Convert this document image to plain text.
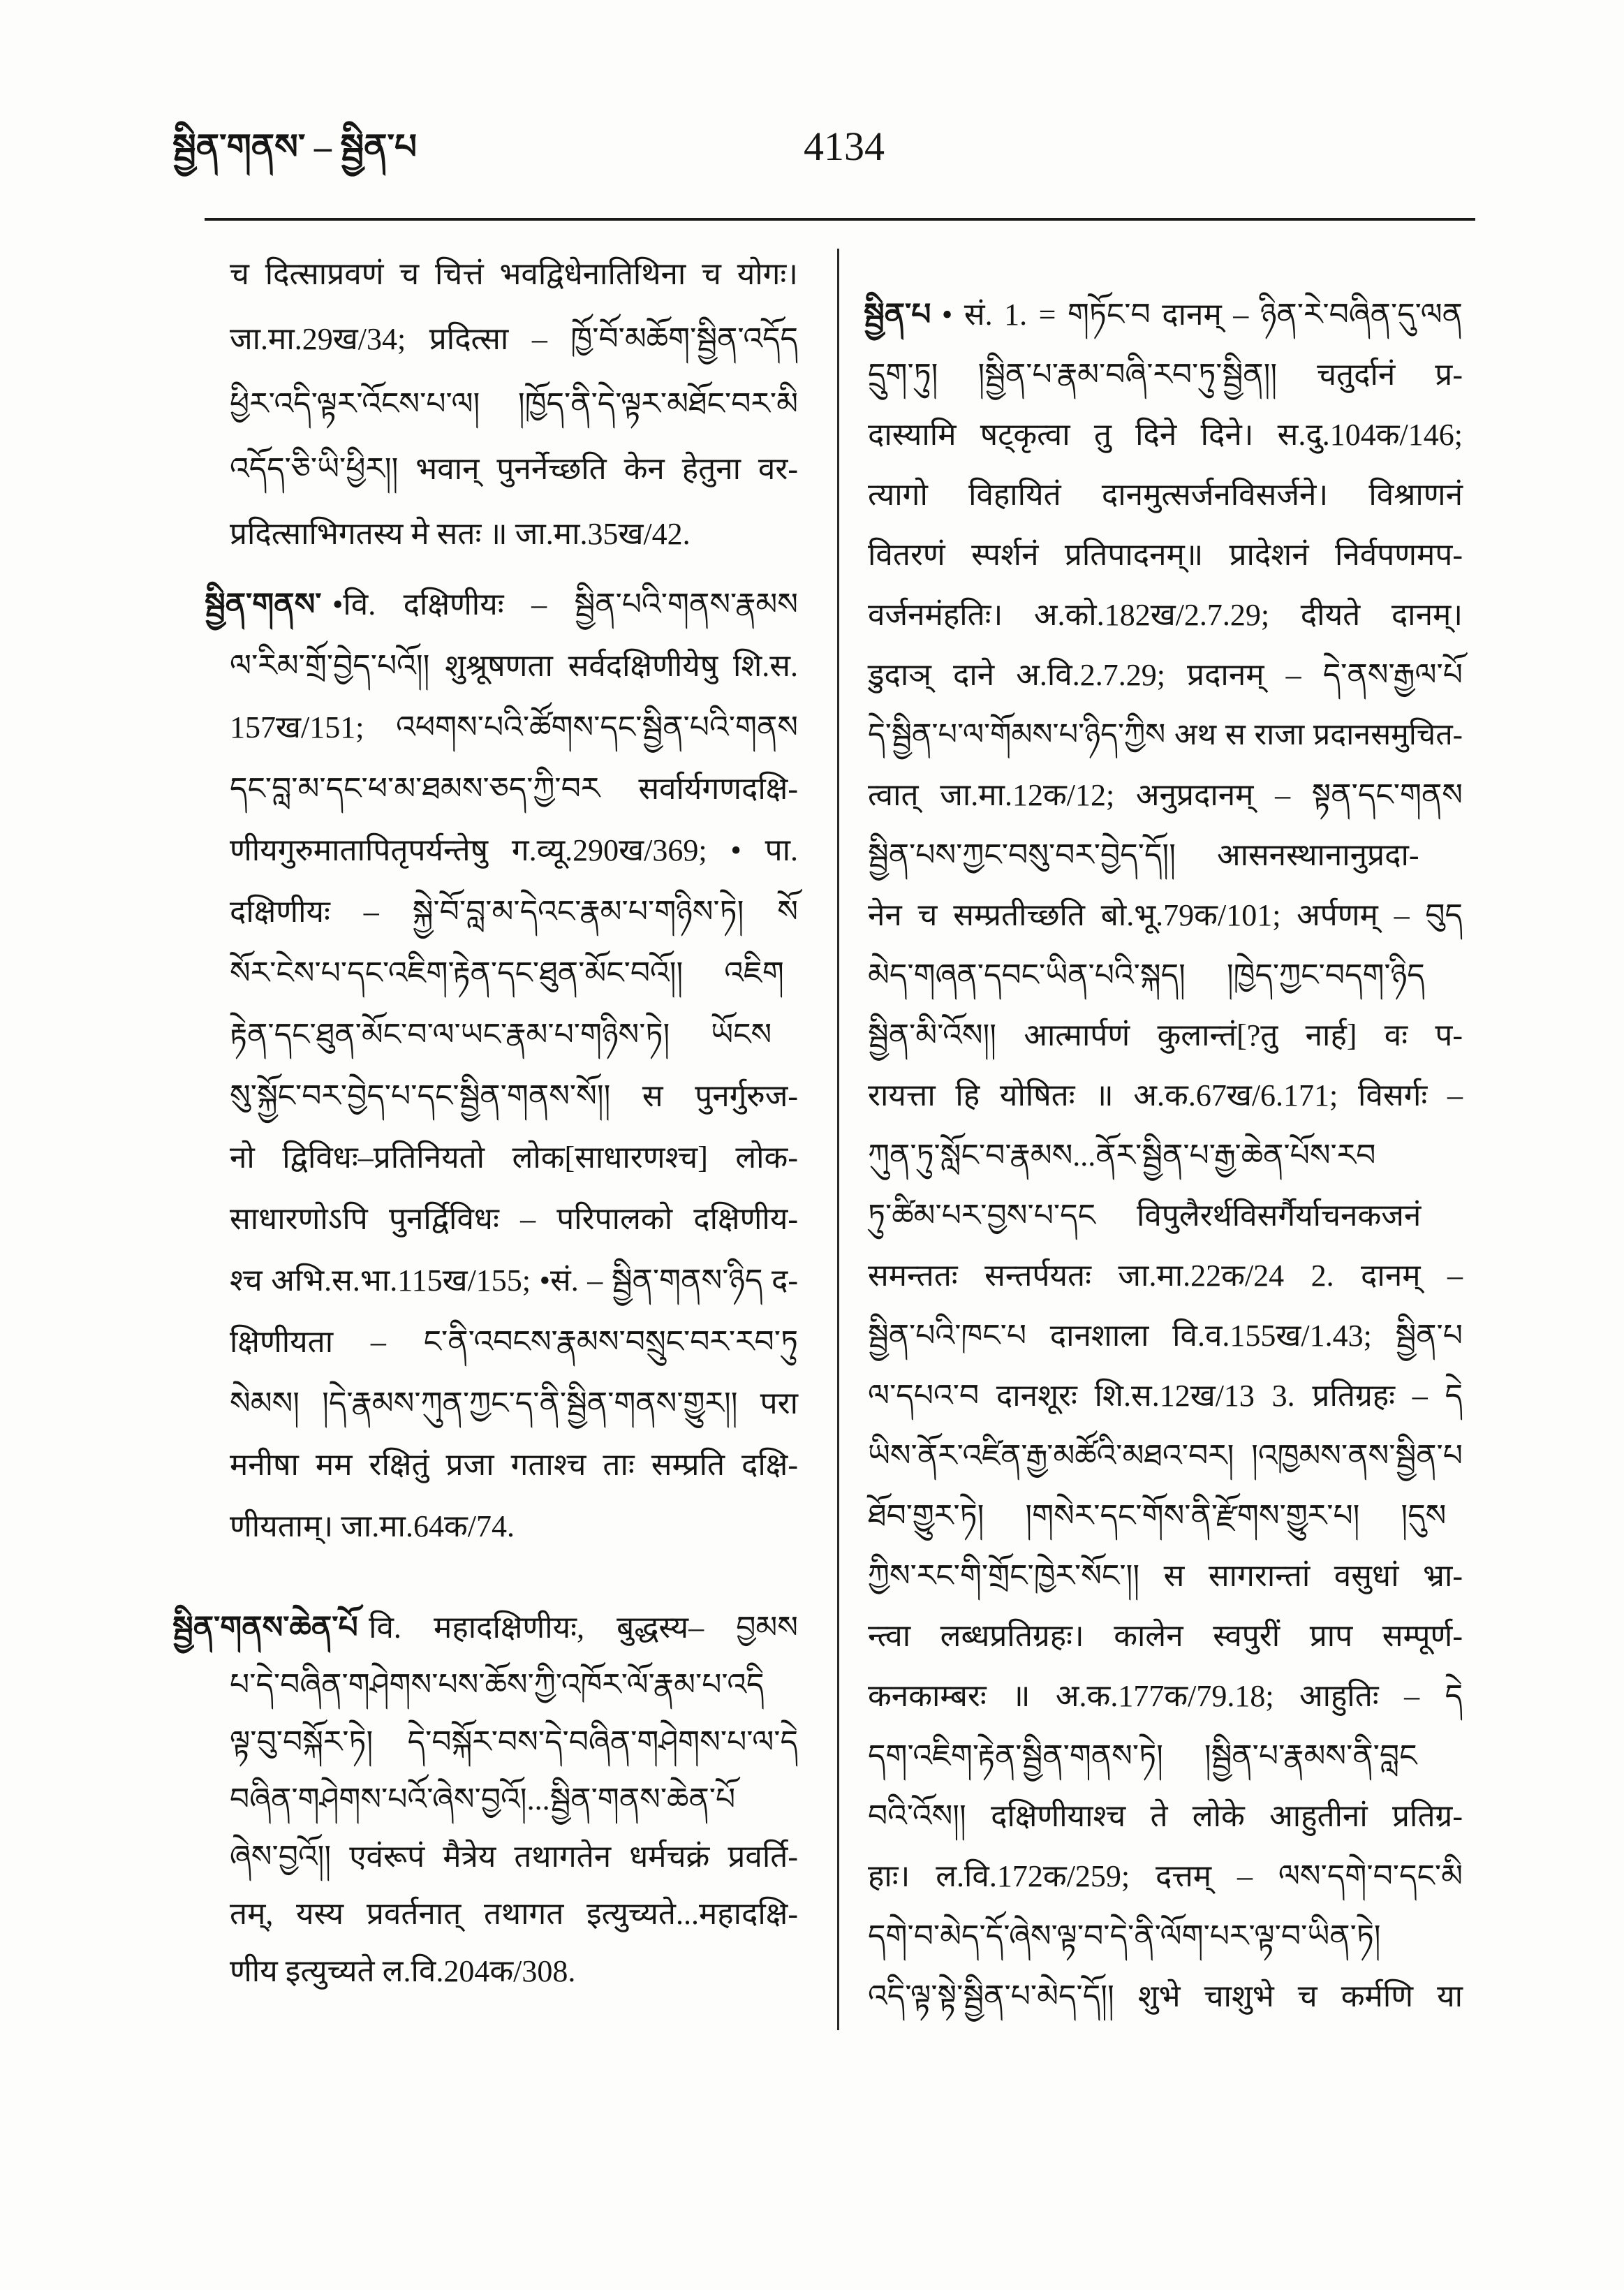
སྦྱིན་གནས་ – སྦྱིན་པ	4134
च दित्साप्रवणं च चित्तं भवद्विधेनातिथिना च योगः।
जा.मा.29ख/34; प्रदित्सा – ཁྱོ་བོ་མཆོག་སྦྱིན་འདོད
ཕྱིར་འདི་ལྟར་འོངས་པ་ལ། །ཁྱོད་ནི་དེ་ལྟར་མཐོང་བར་མི
འདོད་ཅི་ཡི་ཕྱིར།། भवान् पुनर्नेच्छति केन हेतुना वर-
प्रदित्साभिगतस्य मे सतः ॥ जा.मा.35ख/42.
སྦྱིན་གནས་ •वि. दक्षिणीयः – སྦྱིན་པའི་གནས་རྣམས
ལ་རིམ་གྲོ་བྱེད་པའོ།། शुश्रूषणता सर्वदक्षिणीयेषु शि.स.
157ख/151; འཕགས་པའི་ཚོགས་དང་སྦྱིན་པའི་གནས
དང་བླ་མ་དང་ཕ་མ་ཐམས་ཅད་ཀྱི་བར सर्वार्यगणदक्षि-
णीयगुरुमातापितृपर्यन्तेषु ग.व्यू.290ख/369; • पा.
दक्षिणीयः – སྐྱེ་བོ་བླ་མ་དེའང་རྣམ་པ་གཉིས་ཏེ། སོ
སོར་ངེས་པ་དང་འཇིག་རྟེན་དང་ཐུན་མོང་བའོ།། འཇིག
རྟེན་དང་ཐུན་མོང་བ་ལ་ཡང་རྣམ་པ་གཉིས་ཏེ། ཡོངས
སུ་སྐྱོང་བར་བྱེད་པ་དང་སྦྱིན་གནས་སོ།། स पुनर्गुरुज-
नो द्विविधः–प्रतिनियतो लोक[साधारणश्च] लोक-
साधारणोऽपि पुनर्द्विविधः – परिपालको दक्षिणीय-
श्च अभि.स.भा.115ख/155; •सं. – སྦྱིན་གནས་ཉིད द-
क्षिणीयता – ང་ནི་འབངས་རྣམས་བསྲུང་བར་རབ་ཏུ
སེམས། །དེ་རྣམས་ཀུན་ཀྱང་ད་ནི་སྦྱིན་གནས་གྱུར།། परा
मनीषा मम रक्षितुं प्रजा गताश्च ताः सम्प्रति दक्षि-
णीयताम्। जा.मा.64क/74.
སྦྱིན་གནས་ཆེན་པོ वि. महादक्षिणीयः, बुद्धस्य– བྱམས
པ་དེ་བཞིན་གཤེགས་པས་ཆོས་ཀྱི་འཁོར་ལོ་རྣམ་པ་འདི
ལྟ་བུ་བསྐོར་ཏེ། དེ་བསྐོར་བས་དེ་བཞིན་གཤེགས་པ་ལ་དེ
བཞིན་གཤེགས་པའོ་ཞེས་བྱའོ།...སྦྱིན་གནས་ཆེན་པོ
ཞེས་བྱའོ།། एवंरूपं मैत्रेय तथागतेन धर्मचक्रं प्रवर्ति-
तम्, यस्य प्रवर्तनात् तथागत इत्युच्यते...महादक्षि-
णीय इत्युच्यते ल.वि.204क/308.
སྦྱིན་པ • सं. 1. = གཏོང་བ दानम् – ཉིན་རེ་བཞིན་དུ་ལན
དྲུག་ཏུ། །སྦྱིན་པ་རྣམ་བཞི་རབ་ཏུ་སྦྱིན།། चतुर्दानं प्र-
दास्यामि षट्कृत्वा तु दिने दिने। स.दु.104क/146;
त्यागो विहायितं दानमुत्सर्जनविसर्जने। विश्राणनं
वितरणं स्पर्शनं प्रतिपादनम्॥ प्रादेशनं निर्वपणमप-
वर्जनमंहतिः। अ.को.182ख/2.7.29; दीयते दानम्।
डुदाञ् दाने अ.वि.2.7.29; प्रदानम् – དེ་ནས་རྒྱལ་པོ
དེ་སྦྱིན་པ་ལ་གོམས་པ་ཉིད་ཀྱིས अथ स राजा प्रदानसमुचित-
त्वात् जा.मा.12क/12; अनुप्रदानम् – སྟན་དང་གནས
སྦྱིན་པས་ཀྱང་བསུ་བར་བྱེད་དོ།། आसनस्थानानुप्रदा-
नेन च सम्प्रतीच्छति बो.भू.79क/101; अर्पणम् – བུད
མེད་གཞན་དབང་ཡིན་པའི་སྐད། །ཁྱེད་ཀྱང་བདག་ཉིད
སྦྱིན་མི་འོས།། आत्मार्पणं कुलान्तं[?तु नार्ह] वः प-
रायत्ता हि योषितः ॥ अ.क.67ख/6.171; विसर्गः –
ཀུན་ཏུ་སློང་བ་རྣམས...ནོར་སྦྱིན་པ་རྒྱ་ཆེན་པོས་རབ
ཏུ་ཚིམ་པར་བྱས་པ་དང विपुलैरर्थविसर्गैर्याचनकजनं
समन्ततः सन्तर्पयतः जा.मा.22क/24 2. दानम् –
སྦྱིན་པའི་ཁང་པ दानशाला वि.व.155ख/1.43; སྦྱིན་པ
ལ་དཔའ་བ दानशूरः शि.स.12ख/13 3. प्रतिग्रहः – དེ
ཡིས་ནོར་འཛིན་རྒྱ་མཚོའི་མཐའ་བར། །འཁྱམས་ནས་སྦྱིན་པ
ཐོབ་གྱུར་ཏེ། །གསེར་དང་གོས་ནི་རྫོགས་གྱུར་པ། །དུས
ཀྱིས་རང་གི་གྲོང་ཁྱེར་སོང་།། स सागरान्तां वसुधां भ्रा-
न्त्वा लब्धप्रतिग्रहः। कालेन स्वपुरीं प्राप सम्पूर्ण-
कनकाम्बरः ॥ अ.क.177क/79.18; आहुतिः – དེ
དག་འཇིག་རྟེན་སྦྱིན་གནས་ཏེ། །སྦྱིན་པ་རྣམས་ནི་བླང
བའི་འོས།། दक्षिणीयाश्च ते लोके आहुतीनां प्रतिग्र-
हाः। ल.वि.172क/259; दत्तम् – ལས་དགེ་བ་དང་མི
དགེ་བ་མེད་དོ་ཞེས་ལྟ་བ་དེ་ནི་ལོག་པར་ལྟ་བ་ཡིན་ཏེ།
འདི་ལྟ་སྟེ་སྦྱིན་པ་མེད་དོ།། शुभे चाशुभे च कर्मणि या
